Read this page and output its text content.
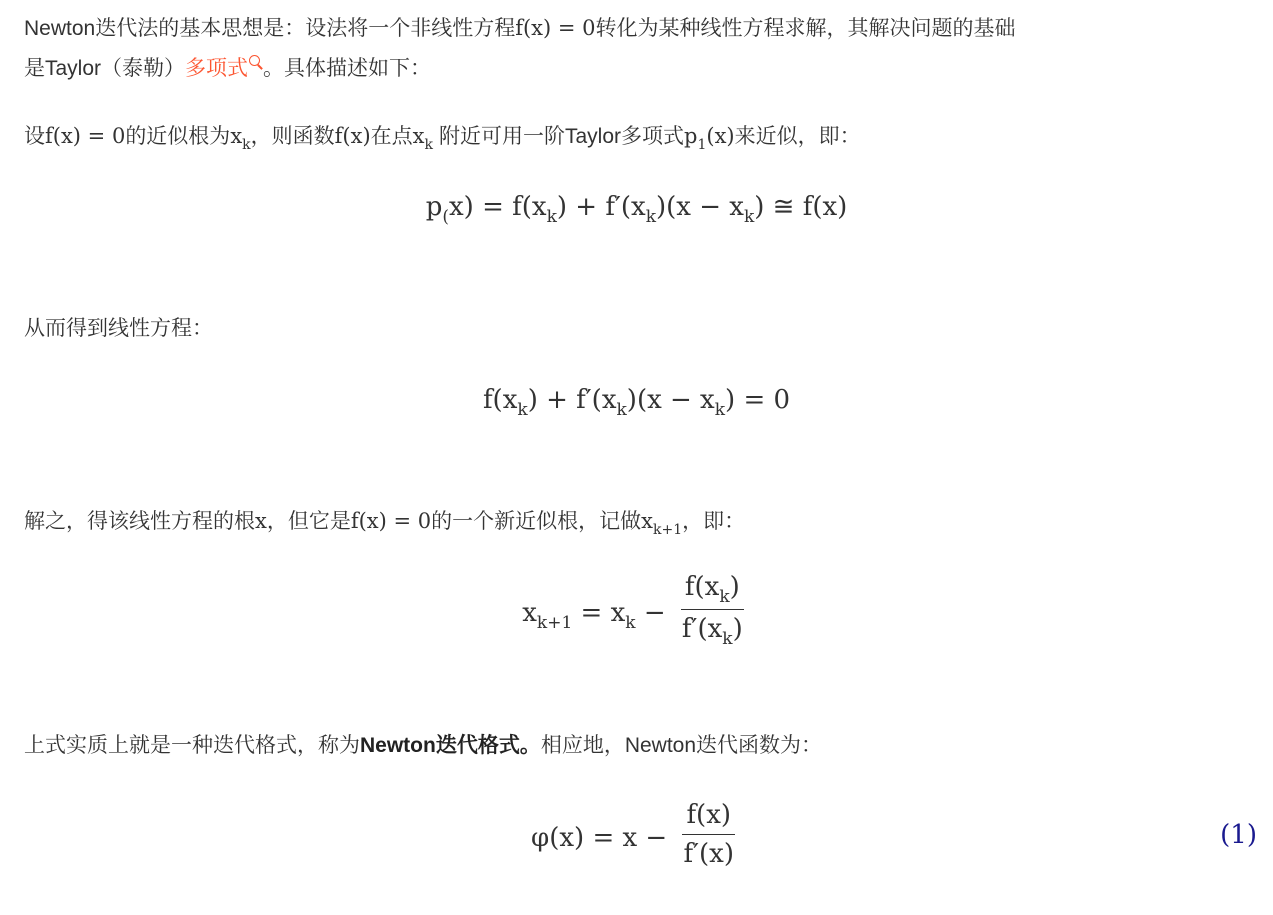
Newton迭代法的基本思想是：设法将一个非线性方程f(x) = 0转化为某种线性方程求解，其解决问题的基础
是Taylor（泰勒）多项式 。具体描述如下：
设f(x) = 0的近似根为$x_k$，则函数f(x)在点$x_k$ 附近可用一阶Taylor多项式$p_1(x)$来近似，即：
$p_(x) = f(x_k) + f'(x_k)(x - x_k)$ ≅ f(x)
从而得到线性方程：
$f(x_k) + f'(x_k)(x - x_k) = 0$
解之，得该线性方程的根x，但它是f(x) = 0的一个新近似根，记做$x_{k+1}$，即：
$x_{k+1} = x_k - \frac{f(x_k)}{f'(x_k)}$
上式实质上就是一种迭代格式，称为Newton迭代格式。相应地，Newton迭代函数为：
$\varphi(x) = x - \frac{f(x)}{f'(x)}$	(1)
